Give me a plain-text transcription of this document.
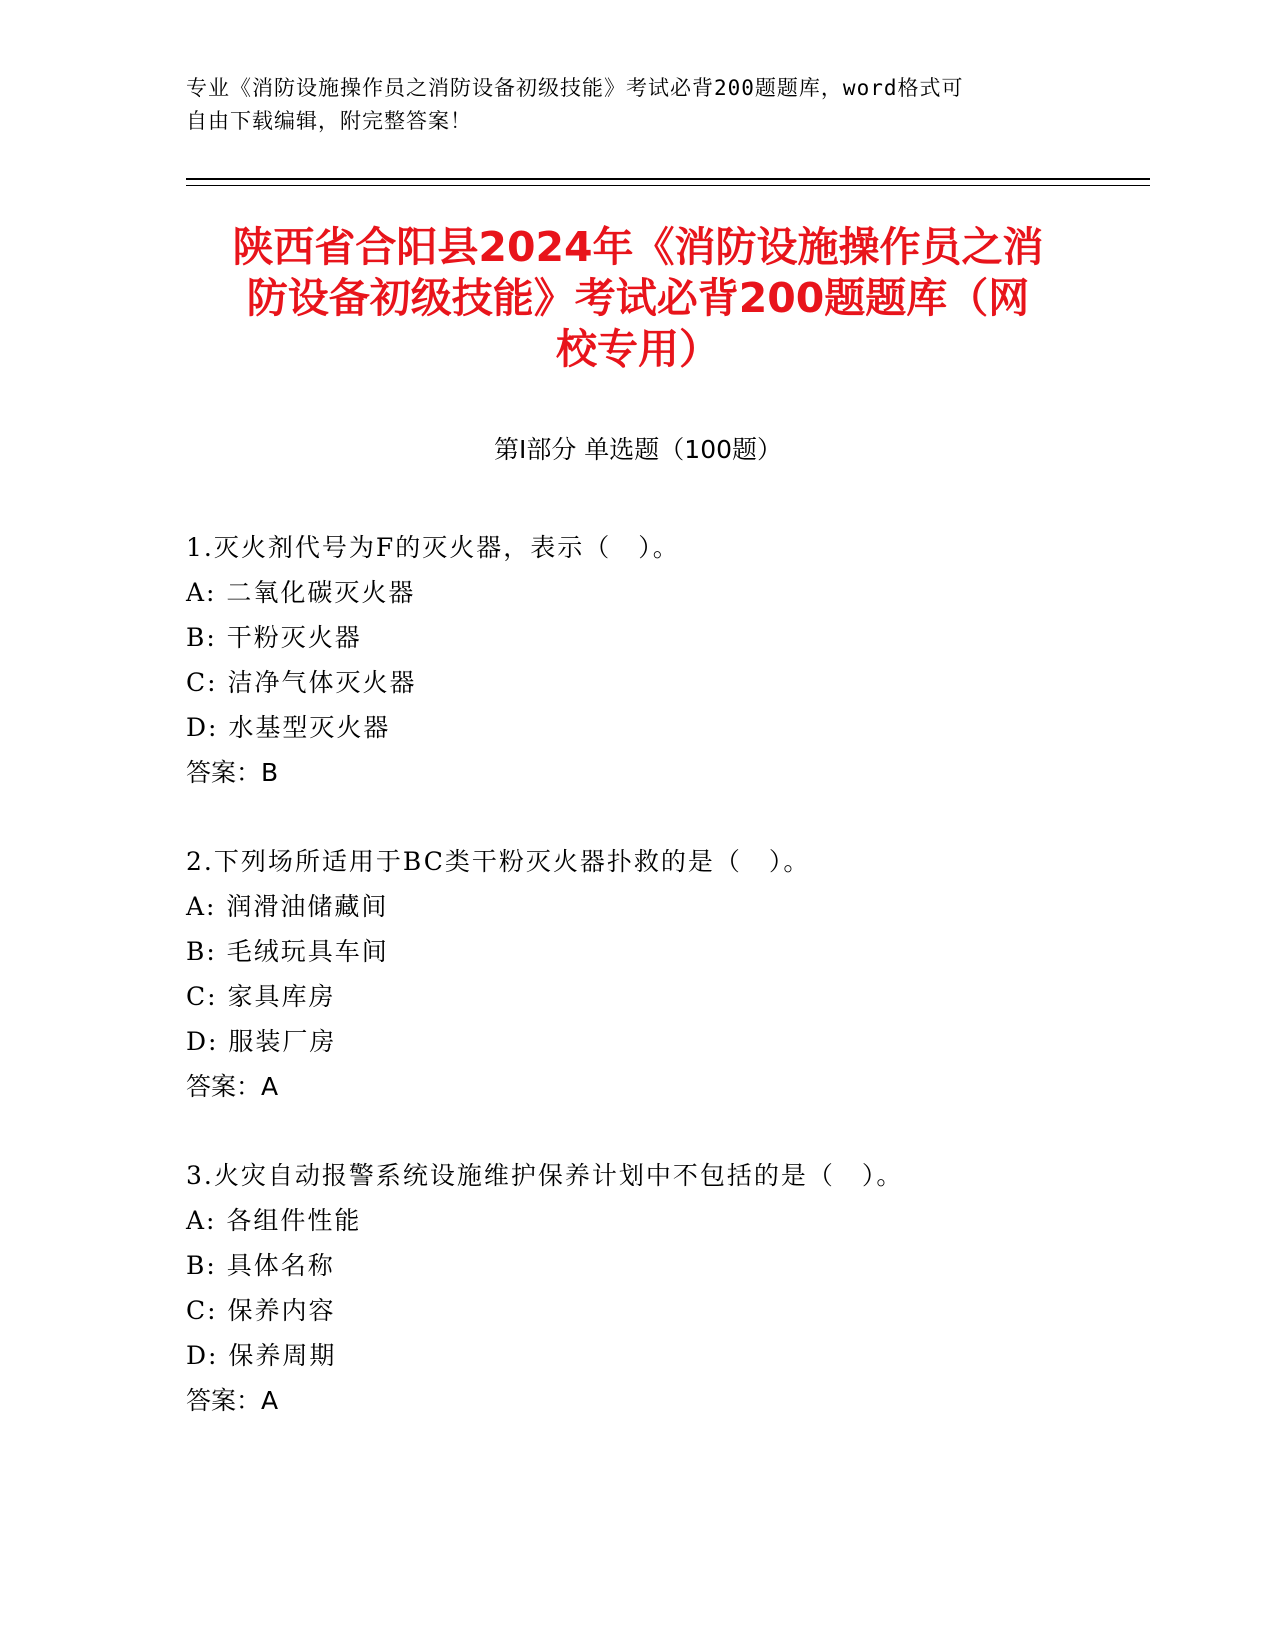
专业《消防设施操作员之消防设备初级技能》考试必背200题题库，word格式可
自由下载编辑，附完整答案！
陕西省合阳县2024年《消防设施操作员之消
防设备初级技能》考试必背200题题库（网
校专用）
第Ⅰ部分 单选题（100题）
1.灭火剂代号为F的灭火器，表示（　）。
A: 二氧化碳灭火器
B: 干粉灭火器
C: 洁净气体灭火器
D: 水基型灭火器
答案：B
2.下列场所适用于BC类干粉灭火器扑救的是（　）。
A: 润滑油储藏间
B: 毛绒玩具车间
C: 家具库房
D: 服装厂房
答案：A
3.火灾自动报警系统设施维护保养计划中不包括的是（　）。
A: 各组件性能
B: 具体名称
C: 保养内容
D: 保养周期
答案：A
